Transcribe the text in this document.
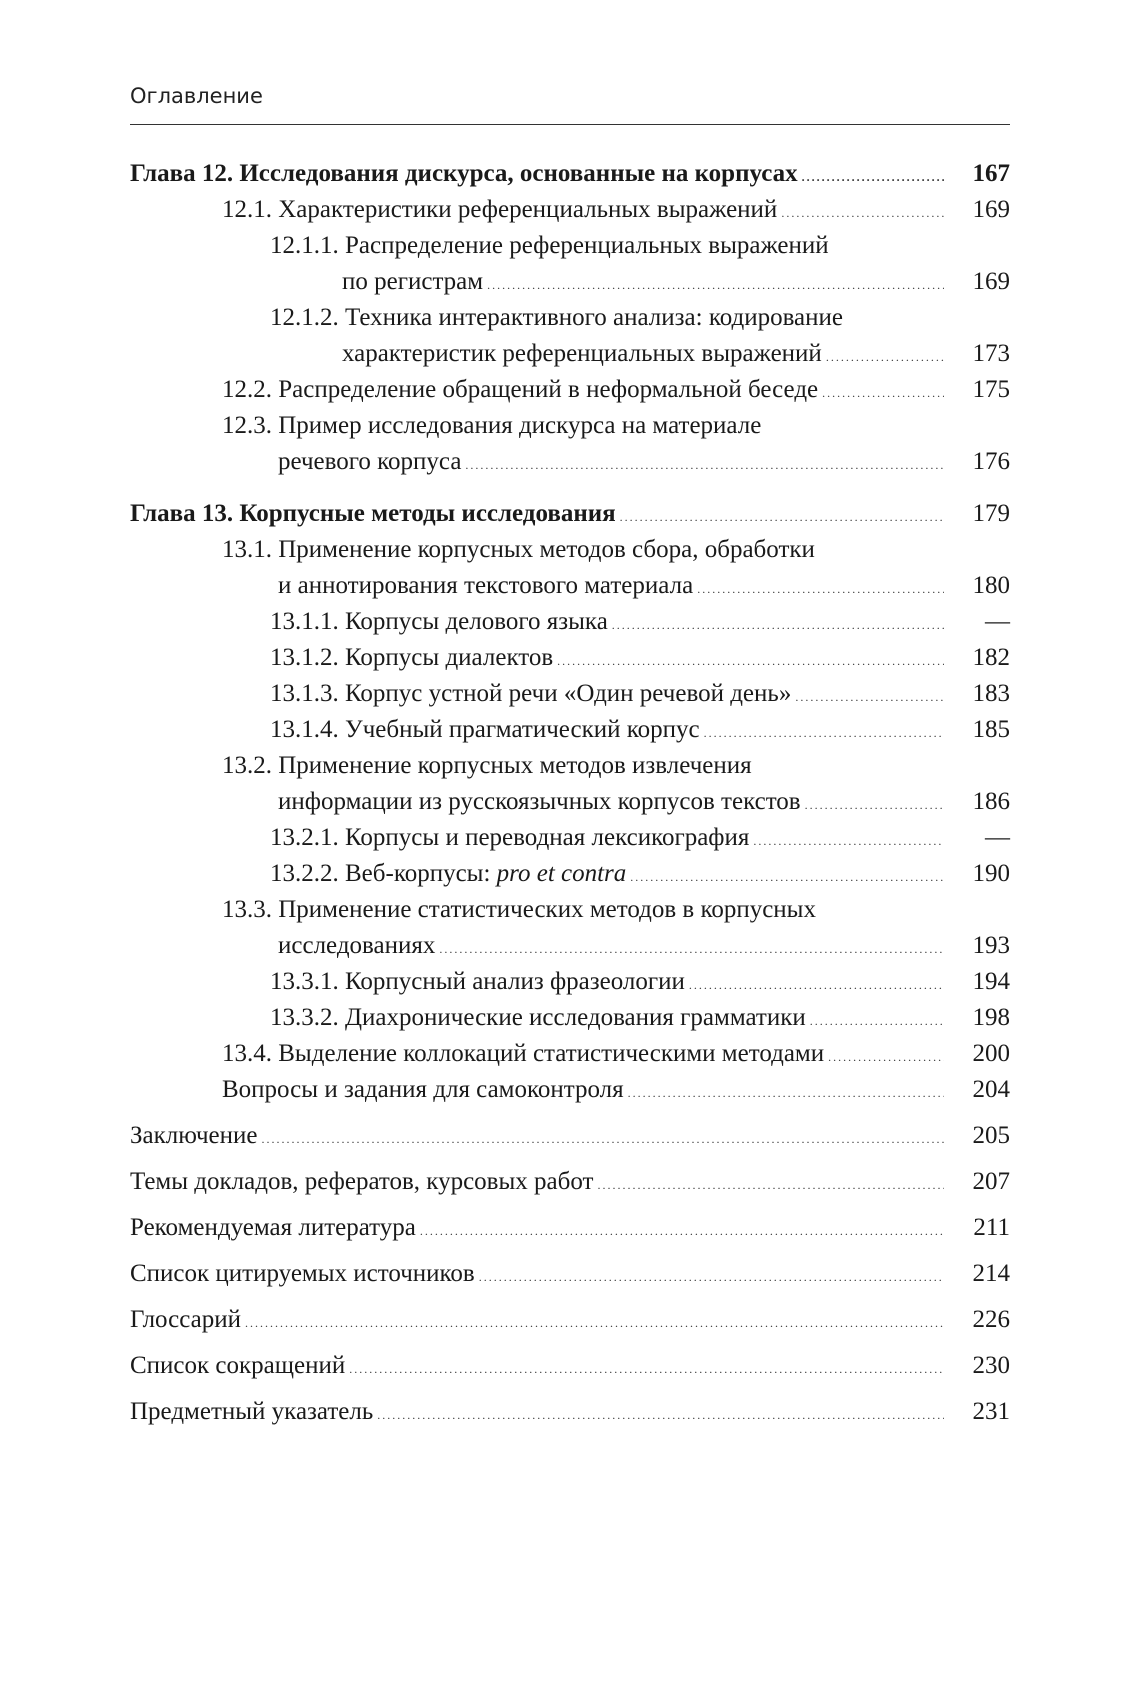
Оглавление
Глава 12. Исследования дискурса, основанные на корпусах . . .	167
12.1. Характеристики референциальных выражений . . .	169
12.1.1. Распределение референциальных выражений
по регистрам . . .	169
12.1.2. Техника интерактивного анализа: кодирование
характеристик референциальных выражений . . .	173
12.2. Распределение обращений в неформальной беседе . . .	175
12.3. Пример исследования дискурса на материале
речевого корпуса . . .	176
Глава 13. Корпусные методы исследования . . .	179
13.1. Применение корпусных методов сбора, обработки
и аннотирования текстового материала . . .	180
13.1.1. Корпусы делового языка . . .	—
13.1.2. Корпусы диалектов . . .	182
13.1.3. Корпус устной речи «Один речевой день» . . .	183
13.1.4. Учебный прагматический корпус . . .	185
13.2. Применение корпусных методов извлечения
информации из русскоязычных корпусов текстов . . .	186
13.2.1. Корпусы и переводная лексикография . . .	—
13.2.2. Веб-корпусы: pro et contra . . .	190
13.3. Применение статистических методов в корпусных
исследованиях . . .	193
13.3.1. Корпусный анализ фразеологии . . .	194
13.3.2. Диахронические исследования грамматики . . .	198
13.4. Выделение коллокаций статистическими методами . . .	200
Вопросы и задания для самоконтроля . . .	204
Заключение . . .	205
Темы докладов, рефератов, курсовых работ . . .	207
Рекомендуемая литература . . .	211
Список цитируемых источников . . .	214
Глоссарий . . .	226
Список сокращений . . .	230
Предметный указатель . . .	231
